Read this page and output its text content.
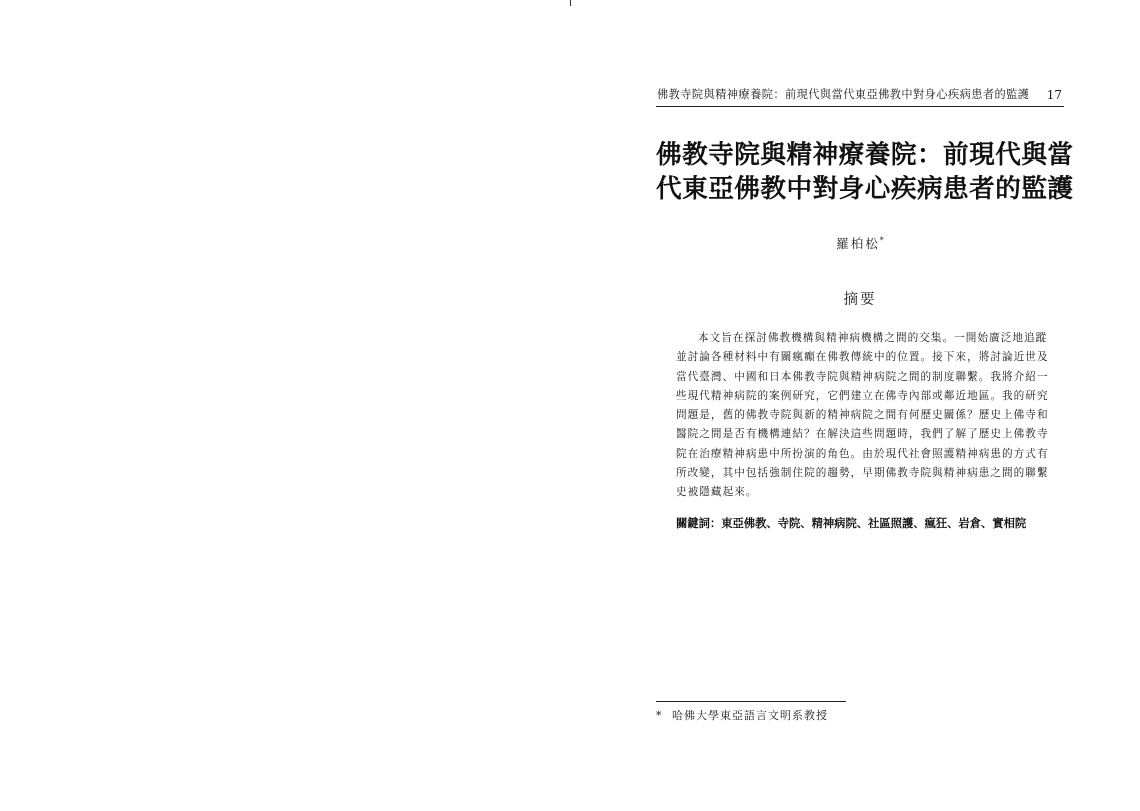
佛教寺院與精神療養院：前現代與當代東亞佛教中對身心疾病患者的監護 17
佛教寺院與精神療養院：前現代與當
代東亞佛教中對身心疾病患者的監護
羅柏松*
摘要
本文旨在探討佛教機構與精神病機構之間的交集。一開始廣泛地追蹤
並討論各種材料中有關瘋癲在佛教傳統中的位置。接下來，將討論近世及
當代臺灣、中國和日本佛教寺院與精神病院之間的制度聯繫。我將介紹一
些現代精神病院的案例研究，它們建立在佛寺內部或鄰近地區。我的研究
問題是，舊的佛教寺院與新的精神病院之間有何歷史關係？歷史上佛寺和
醫院之間是否有機構連結？在解決這些問題時，我們了解了歷史上佛教寺
院在治療精神病患中所扮演的角色。由於現代社會照護精神病患的方式有
所改變，其中包括強制住院的趨勢，早期佛教寺院與精神病患之間的聯繫
史被隱藏起來。
關鍵詞：東亞佛教、寺院、精神病院、社區照護、瘋狂、岩倉、實相院
* 哈佛大學東亞語言文明系教授
